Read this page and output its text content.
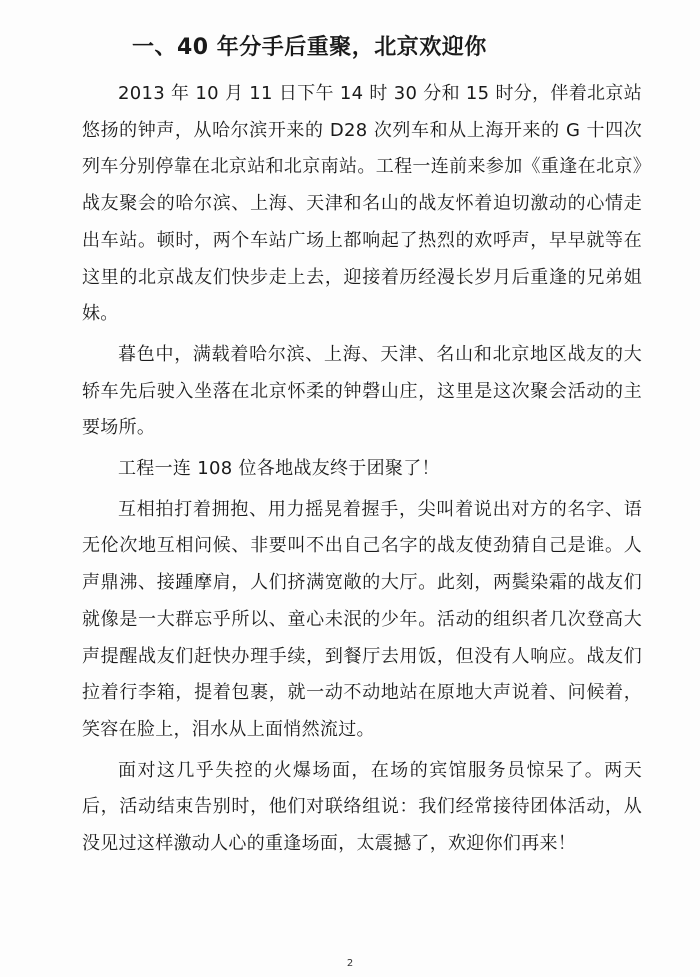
一、40 年分手后重聚，北京欢迎你

2013 年 10 月 11 日下午 14 时 30 分和 15 时分，伴着北京站悠扬的钟声，从哈尔滨开来的 D28 次列车和从上海开来的 G 十四次列车分别停靠在北京站和北京南站。工程一连前来参加《重逢在北京》战友聚会的哈尔滨、上海、天津和名山的战友怀着迫切激动的心情走出车站。顿时，两个车站广场上都响起了热烈的欢呼声，早早就等在这里的北京战友们快步走上去，迎接着历经漫长岁月后重逢的兄弟姐妹。

暮色中，满载着哈尔滨、上海、天津、名山和北京地区战友的大轿车先后驶入坐落在北京怀柔的钟磬山庄，这里是这次聚会活动的主要场所。

工程一连 108 位各地战友终于团聚了！

互相拍打着拥抱、用力摇晃着握手，尖叫着说出对方的名字、语无伦次地互相问候、非要叫不出自己名字的战友使劲猜自己是谁。人声鼎沸、接踵摩肩，人们挤满宽敞的大厅。此刻，两鬓染霜的战友们就像是一大群忘乎所以、童心未泯的少年。活动的组织者几次登高大声提醒战友们赶快办理手续，到餐厅去用饭，但没有人响应。战友们拉着行李箱，提着包裹，就一动不动地站在原地大声说着、问候着，笑容在脸上，泪水从上面悄然流过。

面对这几乎失控的火爆场面，在场的宾馆服务员惊呆了。两天后，活动结束告别时，他们对联络组说：我们经常接待团体活动，从没见过这样激动人心的重逢场面，太震撼了，欢迎你们再来！

2
